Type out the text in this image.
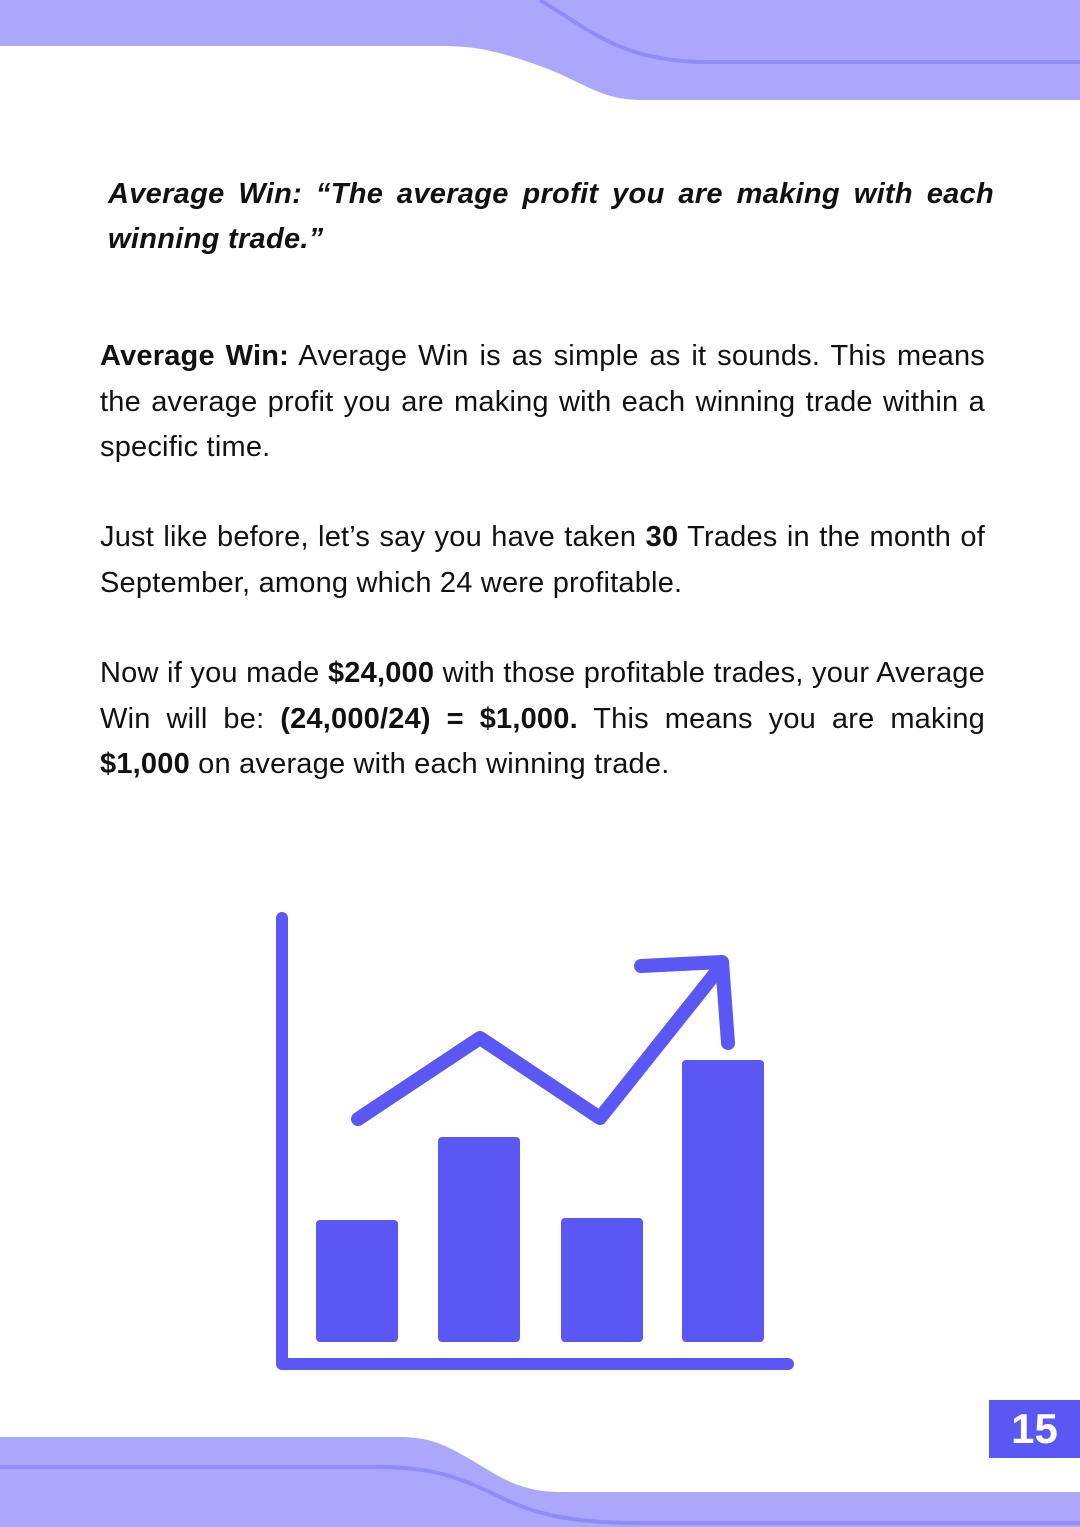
Average Win: “The average profit you are making with each winning trade.”
Average Win: Average Win is as simple as it sounds. This means the average profit you are making with each winning trade within a specific time.
Just like before, let’s say you have taken 30 Trades in the month of September, among which 24 were profitable.
Now if you made $24,000 with those profitable trades, your Average Win will be: (24,000/24) = $1,000. This means you are making $1,000 on average with each winning trade.
15
